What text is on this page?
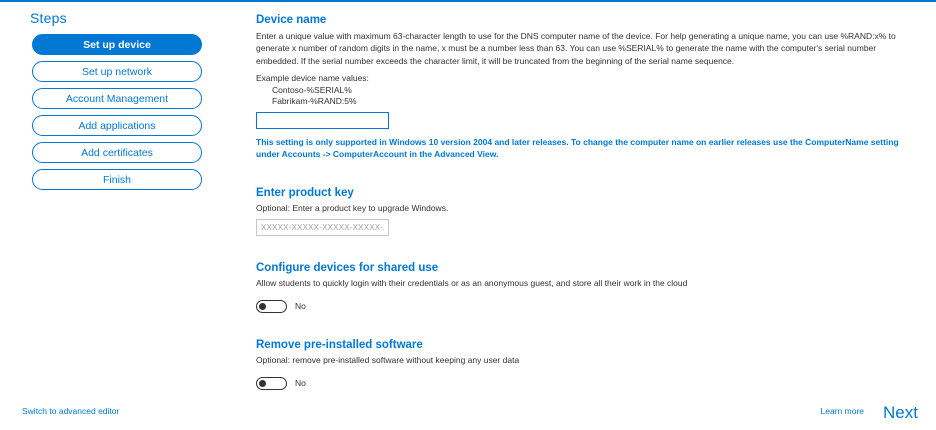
Steps
Set up device
Set up network
Account Management
Add applications
Add certificates
Finish
Device name

Enter a unique value with maximum 63-character length to use for the DNS computer name of the device. For help generating a unique name, you can use %RAND:x% to generate x number of random digits in the name, x must be a number less than 63. You can use %SERIAL% to generate the name with the computer's serial number embedded. If the serial number exceeds the character limit, it will be truncated from the beginning of the serial name sequence.

Example device name values:
Contoso-%SERIAL%
Fabrikam-%RAND:5%

This setting is only supported in Windows 10 version 2004 and later releases. To change the computer name on earlier releases use the ComputerName setting under Accounts -> ComputerAccount in the Advanced View.

Enter product key
Optional: Enter a product key to upgrade Windows.
XXXXX-XXXXX-XXXXX-XXXXX-XXXXX
Configure devices for shared use
Allow students to quickly login with their credentials or as an anonymous guest, and store all their work in the cloud
No
Remove pre-installed software
Optional: remove pre-installed software without keeping any user data
No
Switch to advanced editor	Learn more Next
